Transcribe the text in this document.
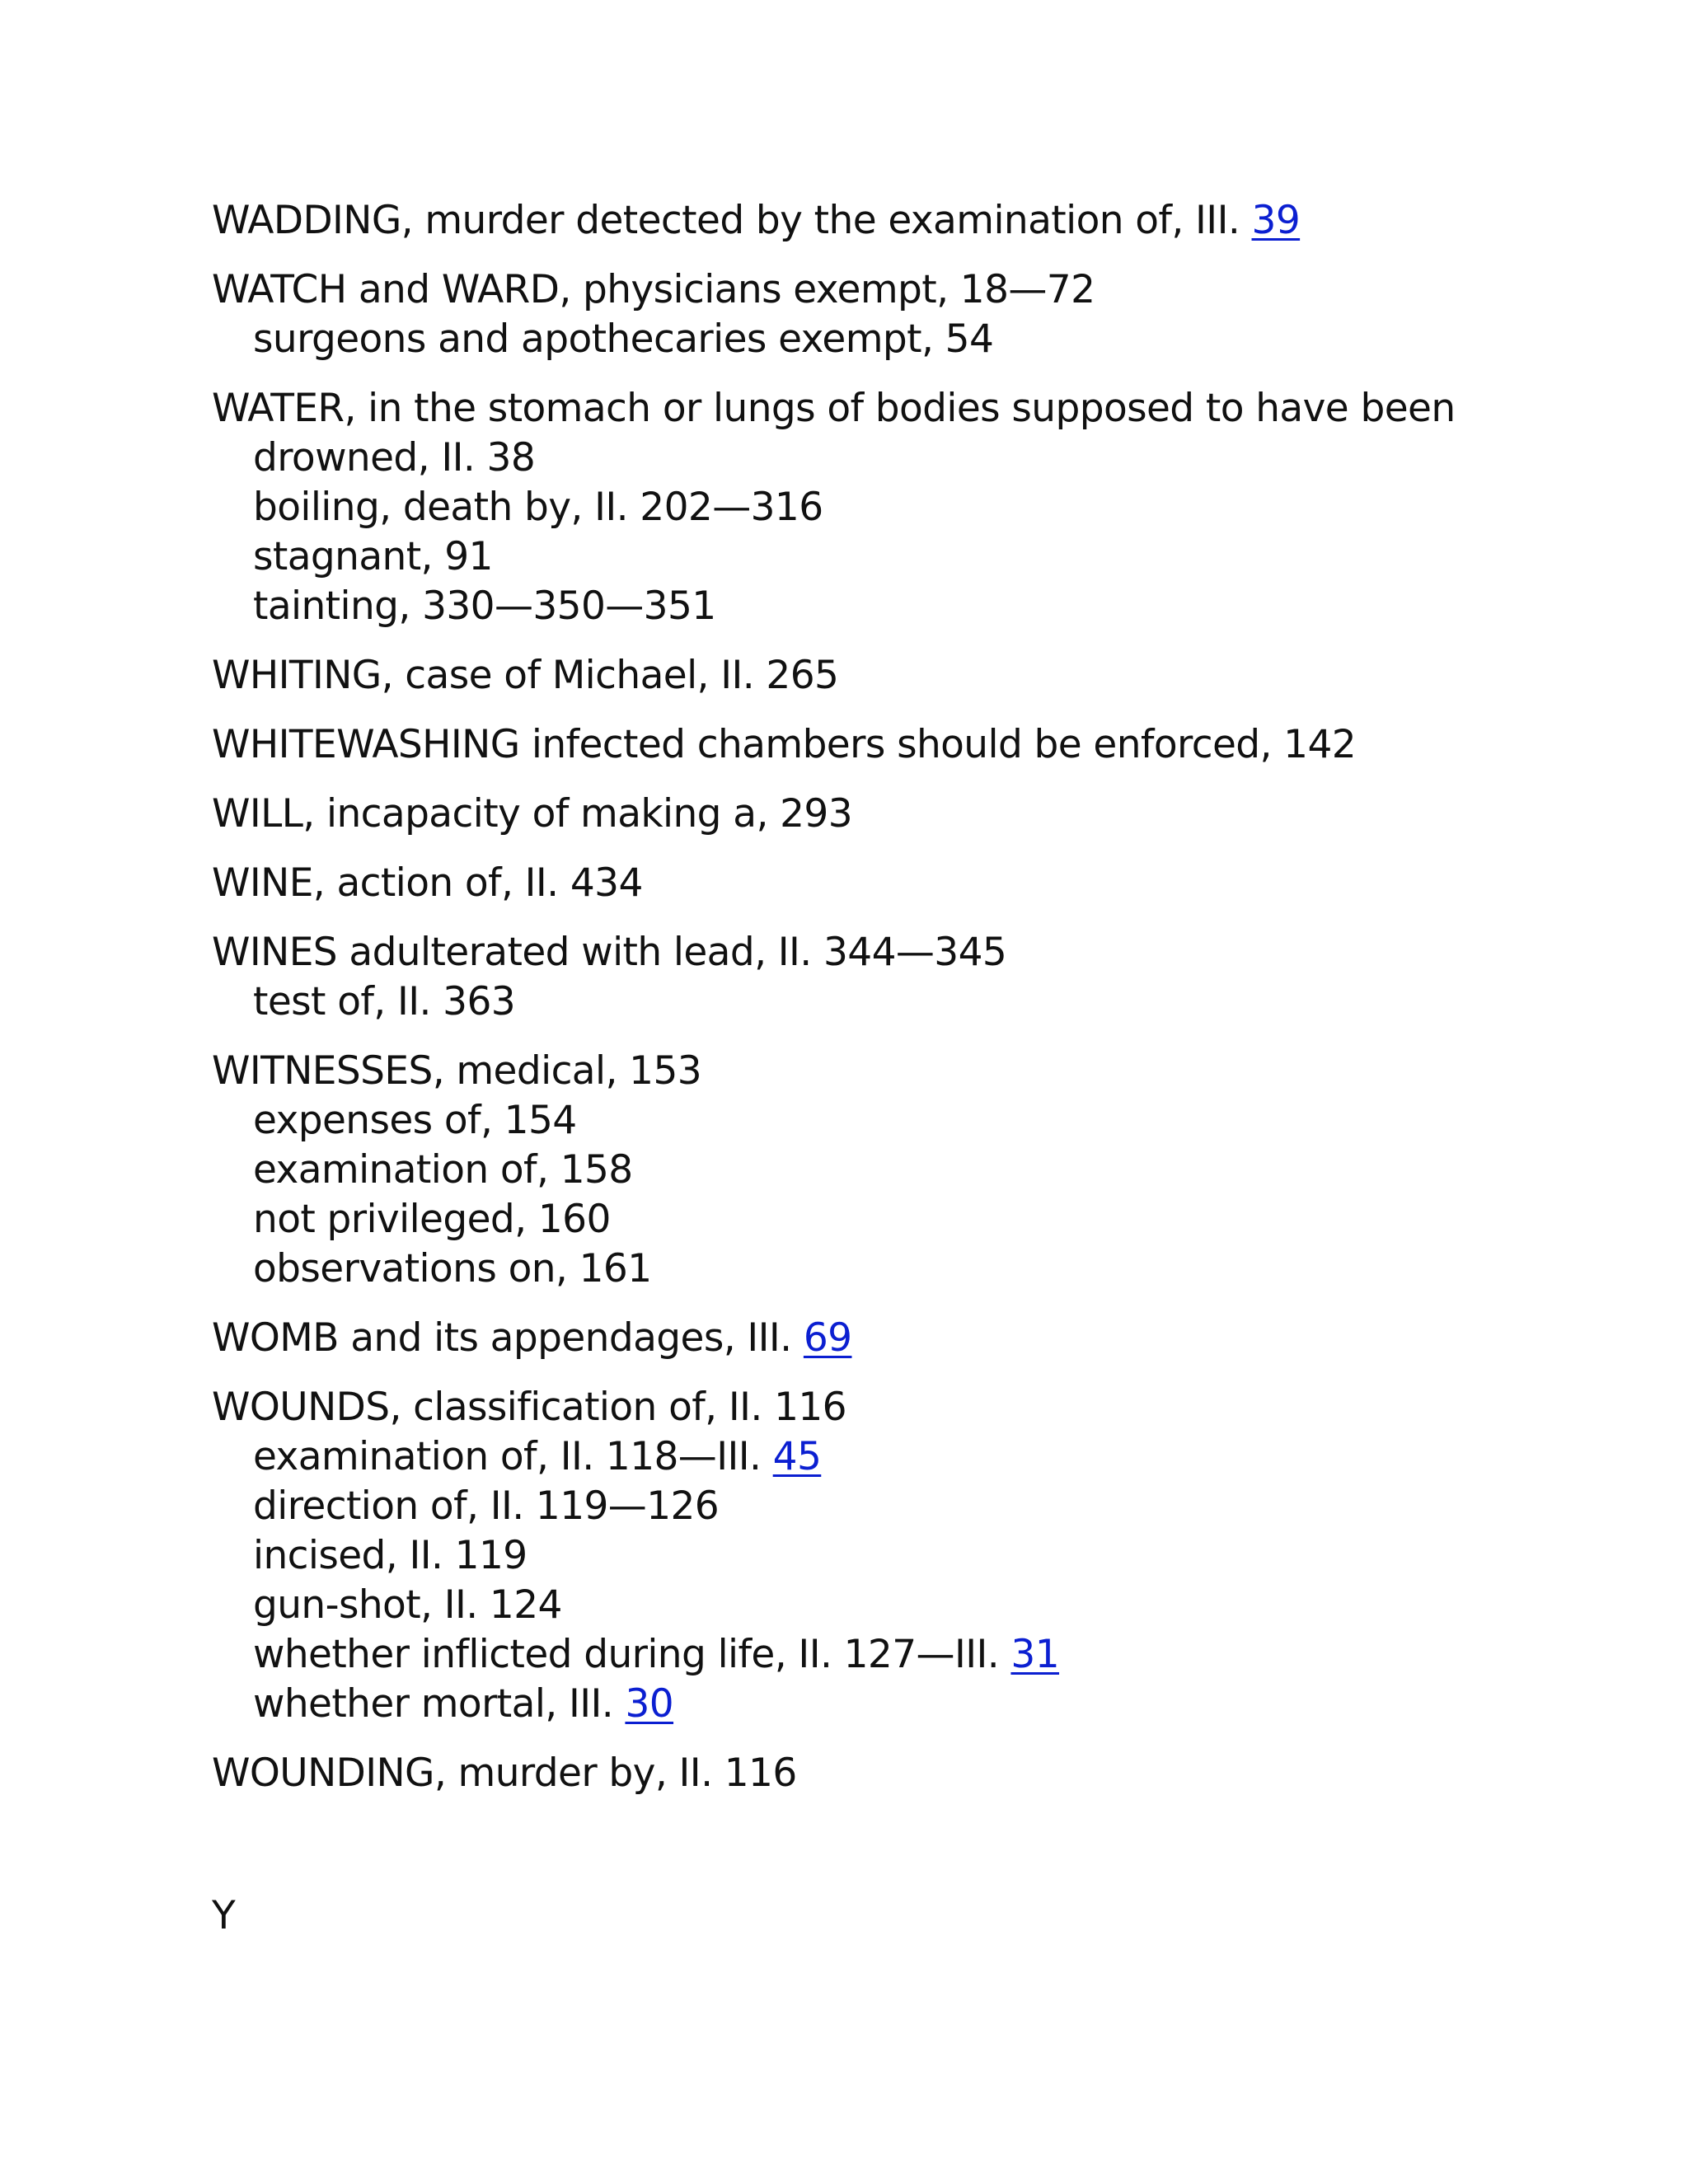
WADDING, murder detected by the examination of, III. 39
WATCH and WARD, physicians exempt, 18—72
surgeons and apothecaries exempt, 54
WATER, in the stomach or lungs of bodies supposed to have been
drowned, II. 38
boiling, death by, II. 202—316
stagnant, 91
tainting, 330—350—351
WHITING, case of Michael, II. 265
WHITEWASHING infected chambers should be enforced, 142
WILL, incapacity of making a, 293
WINE, action of, II. 434
WINES adulterated with lead, II. 344—345
test of, II. 363
WITNESSES, medical, 153
expenses of, 154
examination of, 158
not privileged, 160
observations on, 161
WOMB and its appendages, III. 69
WOUNDS, classification of, II. 116
examination of, II. 118—III. 45
direction of, II. 119—126
incised, II. 119
gun-shot, II. 124
whether inflicted during life, II. 127—III. 31
whether mortal, III. 30
WOUNDING, murder by, II. 116
Y
